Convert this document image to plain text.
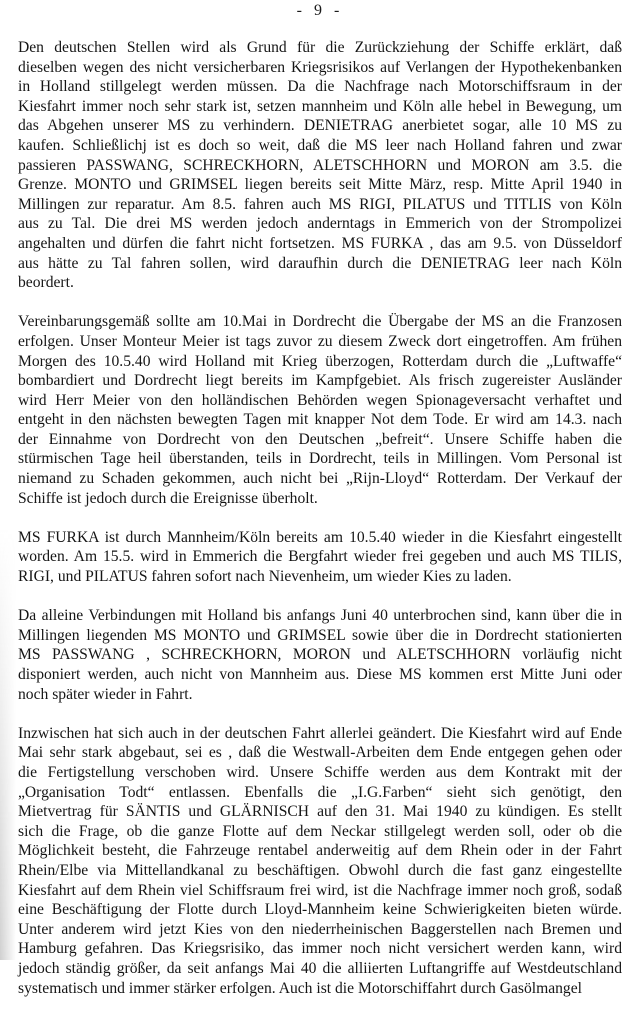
- 9 -

Den deutschen Stellen wird als Grund für die Zurückziehung der Schiffe erklärt, daß
dieselben wegen des nicht versicherbaren Kriegsrisikos auf Verlangen der Hypothekenbanken
in Holland stillgelegt werden müssen. Da die Nachfrage nach Motorschiffsraum in der
Kiesfahrt immer noch sehr stark ist, setzen mannheim und Köln alle hebel in Bewegung, um
das Abgehen unserer MS zu verhindern. DENIETRAG anerbietet sogar, alle 10 MS zu
kaufen. Schließlichj ist es doch so weit, daß die MS leer nach Holland fahren und zwar
passieren PASSWANG, SCHRECKHORN, ALETSCHHORN und MORON am 3.5. die
Grenze. MONTO und GRIMSEL liegen bereits seit Mitte März, resp. Mitte April 1940 in
Millingen zur reparatur. Am 8.5. fahren auch MS RIGI, PILATUS und TITLIS von Köln
aus zu Tal. Die drei MS werden jedoch anderntags in Emmerich von der Strompolizei
angehalten und dürfen die fahrt nicht fortsetzen. MS FURKA , das am 9.5. von Düsseldorf
aus hätte zu Tal fahren sollen, wird daraufhin durch die DENIETRAG leer nach Köln
beordert.

Vereinbarungsgemäß sollte am 10.Mai in Dordrecht die Übergabe der MS an die Franzosen
erfolgen. Unser Monteur Meier ist tags zuvor zu diesem Zweck dort eingetroffen. Am frühen
Morgen des 10.5.40 wird Holland mit Krieg überzogen, Rotterdam durch die „Luftwaffe“
bombardiert und Dordrecht liegt bereits im Kampfgebiet. Als frisch zugereister Ausländer
wird Herr Meier von den holländischen Behörden wegen Spionageversacht verhaftet und
entgeht in den nächsten bewegten Tagen mit knapper Not dem Tode. Er wird am 14.3. nach
der Einnahme von Dordrecht von den Deutschen „befreit“. Unsere Schiffe haben die
stürmischen Tage heil überstanden, teils in Dordrecht, teils in Millingen. Vom Personal ist
niemand zu Schaden gekommen, auch nicht bei „Rijn-Lloyd“ Rotterdam. Der Verkauf der
Schiffe ist jedoch durch die Ereignisse überholt.

MS FURKA ist durch Mannheim/Köln bereits am 10.5.40 wieder in die Kiesfahrt eingestellt
worden. Am 15.5. wird in Emmerich die Bergfahrt wieder frei gegeben und auch MS TILIS,
RIGI, und PILATUS fahren sofort nach Nievenheim, um wieder Kies zu laden.

Da alleine Verbindungen mit Holland bis anfangs Juni 40 unterbrochen sind, kann über die in
Millingen liegenden MS MONTO und GRIMSEL sowie über die in Dordrecht stationierten
MS PASSWANG , SCHRECKHORN, MORON und ALETSCHHORN vorläufig nicht
disponiert werden, auch nicht von Mannheim aus. Diese MS kommen erst Mitte Juni oder
noch später wieder in Fahrt.

Inzwischen hat sich auch in der deutschen Fahrt allerlei geändert. Die Kiesfahrt wird auf Ende
Mai sehr stark abgebaut, sei es , daß die Westwall-Arbeiten dem Ende entgegen gehen oder
die Fertigstellung verschoben wird. Unsere Schiffe werden aus dem Kontrakt mit der
„Organisation Todt“ entlassen. Ebenfalls die „I.G.Farben“ sieht sich genötigt, den
Mietvertrag für SÄNTIS und GLÄRNISCH auf den 31. Mai 1940 zu kündigen. Es stellt
sich die Frage, ob die ganze Flotte auf dem Neckar stillgelegt werden soll, oder ob die
Möglichkeit besteht, die Fahrzeuge rentabel anderweitig auf dem Rhein oder in der Fahrt
Rhein/Elbe via Mittellandkanal zu beschäftigen. Obwohl durch die fast ganz eingestellte
Kiesfahrt auf dem Rhein viel Schiffsraum frei wird, ist die Nachfrage immer noch groß, sodaß
eine Beschäftigung der Flotte durch Lloyd-Mannheim keine Schwierigkeiten bieten würde.
Unter anderem wird jetzt Kies von den niederrheinischen Baggerstellen nach Bremen und
Hamburg gefahren. Das Kriegsrisiko, das immer noch nicht versichert werden kann, wird
jedoch ständig größer, da seit anfangs Mai 40 die alliierten Luftangriffe auf Westdeutschland
systematisch und immer stärker erfolgen. Auch ist die Motorschiffahrt durch Gasölmangel
